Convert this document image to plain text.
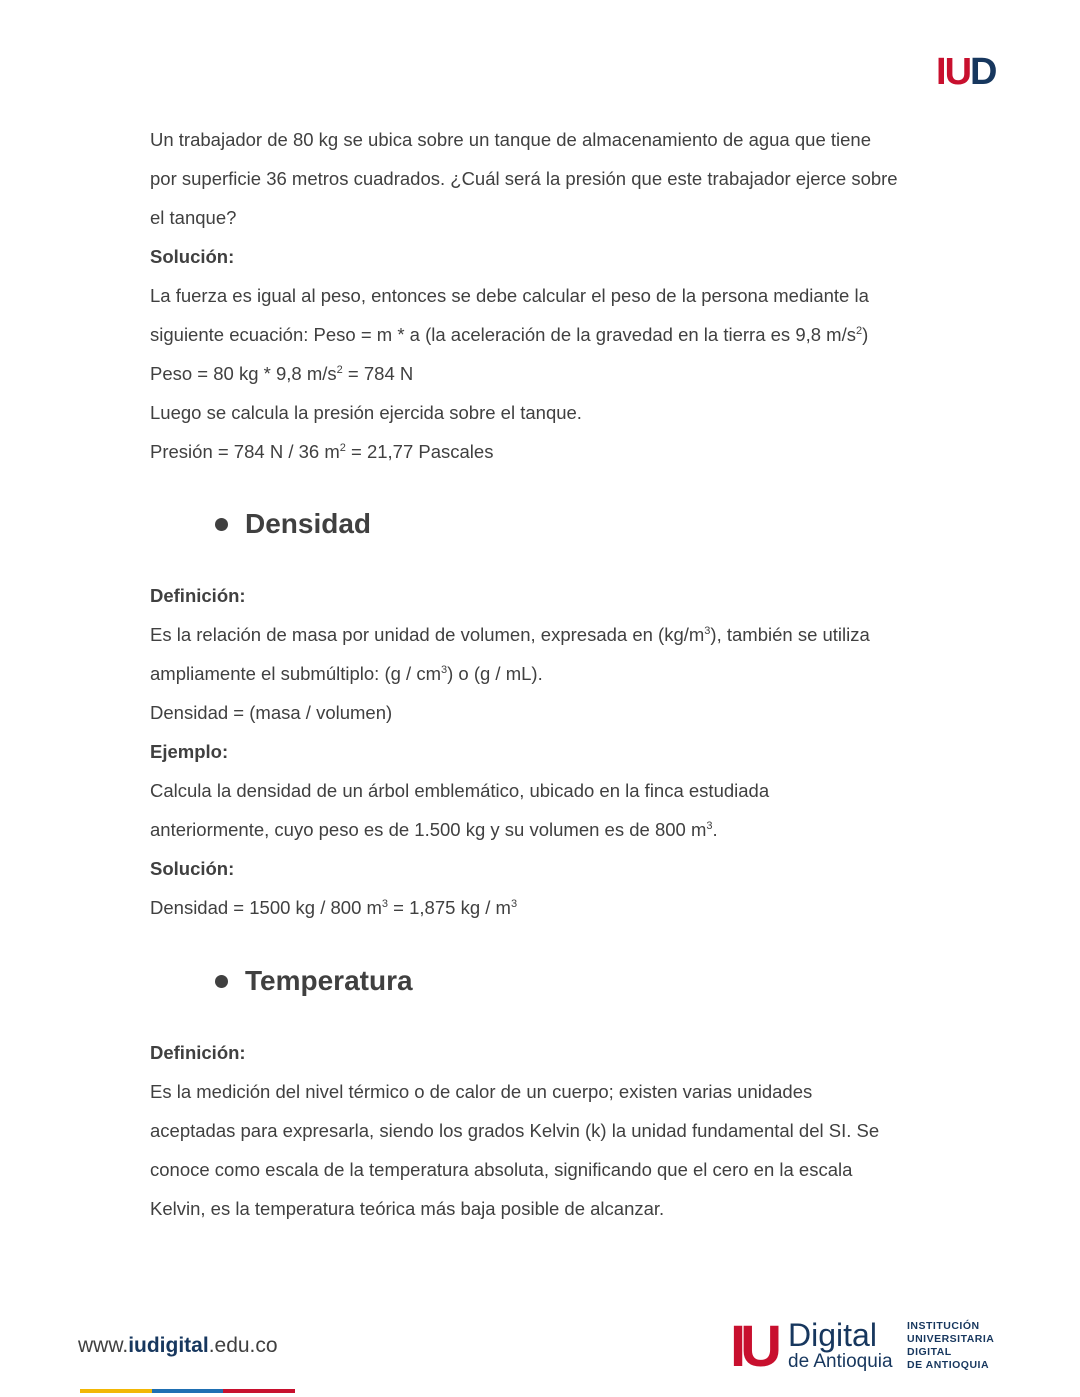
IUD
Un trabajador de 80 kg se ubica sobre un tanque de almacenamiento de agua que tiene
por superficie 36 metros cuadrados. ¿Cuál será la presión que este trabajador ejerce sobre
el tanque?
Solución:
La fuerza es igual al peso, entonces se debe calcular el peso de la persona mediante la
siguiente ecuación: Peso = m * a (la aceleración de la gravedad en la tierra es 9,8 $m/s^2$)
Peso = 80 kg * 9,8 $m/s^2 = 784$ N
Luego se calcula la presión ejercida sobre el tanque.
Presión = 784 N / 36 $m^2 = 21,77$ Pascales
Densidad
Definición:
Es la relación de masa por unidad de volumen, expresada en $(kg/m^3)$, también se utiliza
ampliamente el submúltiplo: $(g / cm^3)$ o (g / mL).
Densidad = (masa / volumen)
Ejemplo:
Calcula la densidad de un árbol emblemático, ubicado en la finca estudiada
anteriormente, cuyo peso es de 1.500 kg y su volumen es de 800 $m^3$.
Solución:
Densidad = 1500 kg / 800 $m^3 = 1,875$ kg / $m^3$
Temperatura
Definición:
Es la medición del nivel térmico o de calor de un cuerpo; existen varias unidades
aceptadas para expresarla, siendo los grados Kelvin (k) la unidad fundamental del SI. Se
conoce como escala de la temperatura absoluta, significando que el cero en la escala
Kelvin, es la temperatura teórica más baja posible de alcanzar.
www.iudigital.edu.co	IU Digital
de Antioquia
INSTITUCIÓN
UNIVERSITARIA
DIGITAL
DE ANTIOQUIA
